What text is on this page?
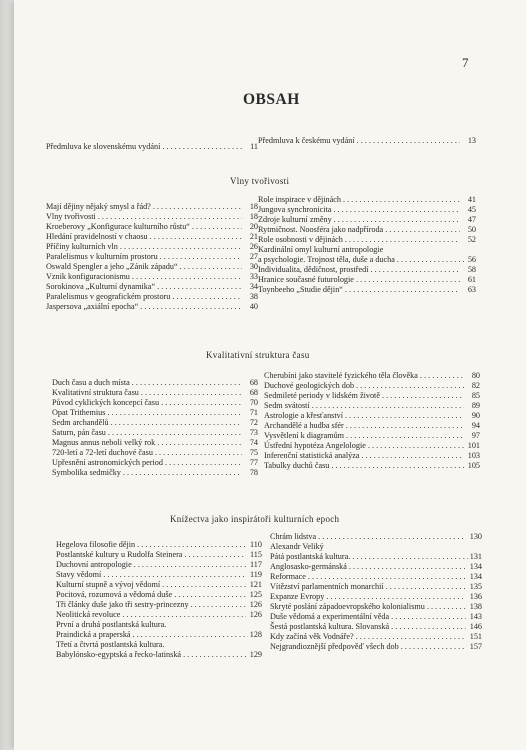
7
OBSAH
Předmluva ke slovenskému vydání . . .	11
Předmluva k českému vydání . . .	13
Vlny tvořivosti
Kvalitativní struktura času
Knížectva jako inspirátoři kulturních epoch
Mají dějiny nějaký smysl a řád? . . .	18
Vlny tvořivosti . . .	18
Kroeberovy „Konfigurace kulturního růstu“ . . .	20
Hledání pravidelností v chaosu . . .	21
Příčiny kulturních vln . . .	26
Paralelismus v kulturním prostoru . . .	27
Oswald Spengler a jeho „Zánik západu“ . . .	30
Vznik konfiguracionismu . . .	33
Sorokinova „Kulturní dynamika“ . . .	34
Paralelismus v geografickém prostoru . . .	38
Jaspersova „axiální epocha“ . . .	40
Role inspirace v dějinách . . .	41
Jungova synchronicita . . .	45
Zdroje kulturní změny . . .	47
Rytmičnost. Noosféra jako nadpříroda . . .	50
Role osobnosti v dějinách . . .	52
Kardinální omyl kulturní antropologie
a psychologie. Trojnost těla, duše a ducha . . .	56
Individualita, dědičnost, prostředí . . .	58
Hranice současné futurologie . . .	61
Toynbeeho „Studie dějin“ . . .	63
Duch času a duch místa . . .	68
Kvalitativní struktura času . . .	68
Původ cyklických koncepcí času . . .	70
Opat Trithemius . . .	71
Sedm archandělů . . .	72
Saturn, pán času . . .	73
Magnus annus neboli velký rok . . .	74
720-letí a 72-letí duchové času . . .	75
Upřesnění astronomických period . . .	77
Symbolika sedmičky . . .	78
Cherubíni jako stavitelé fyzického těla člověka . . .	80
Duchové geologických dob . . .	82
Sedmileté periody v lidském životě . . .	85
Sedm svátostí . . .	89
Astrologie a křesťanství . . .	90
Archandělé a hudba sfér . . .	94
Vysvětlení k diagramům . . .	97
Ústřední hypotéza Angelologie . . .	101
Inferenční statistická analýza . . .	103
Tabulky duchů času . . .	105
Hegelova filosofie dějin . . .	110
Postlantské kultury u Rudolfa Steinera . . .	115
Duchovní antropologie . . .	117
Stavy vědomí . . .	119
Kulturní stupně a vývoj vědomí . . .	121
Pocitová, rozumová a vědomá duše . . .	125
Tři články duše jako tři sestry-princezny . . .	126
Neolitická revoluce . . .	126
První a druhá postlantská kultura.
Praindická a praperská . . .	128
Třetí a čtvrtá postlantská kultura.
Babylónsko-egyptská a řecko-latinská . . .	129
Chrám lidstva . . .	130
Alexandr Veliký
Pátá postlantská kultura. . . .	131
Anglosasko-germánská . . .	134
Reformace . . .	134
Vítězství parlamentních monarchií . . .	135
Expanze Evropy . . .	136
Skryté poslání západoevropského kolonialismu . . .	138
Duše vědomá a experimentální věda . . .	143
Šestá postlantská kultura. Slovanská . . .	146
Kdy začíná věk Vodnáře? . . .	151
Nejgrandioznější předpověď všech dob . . .	157
